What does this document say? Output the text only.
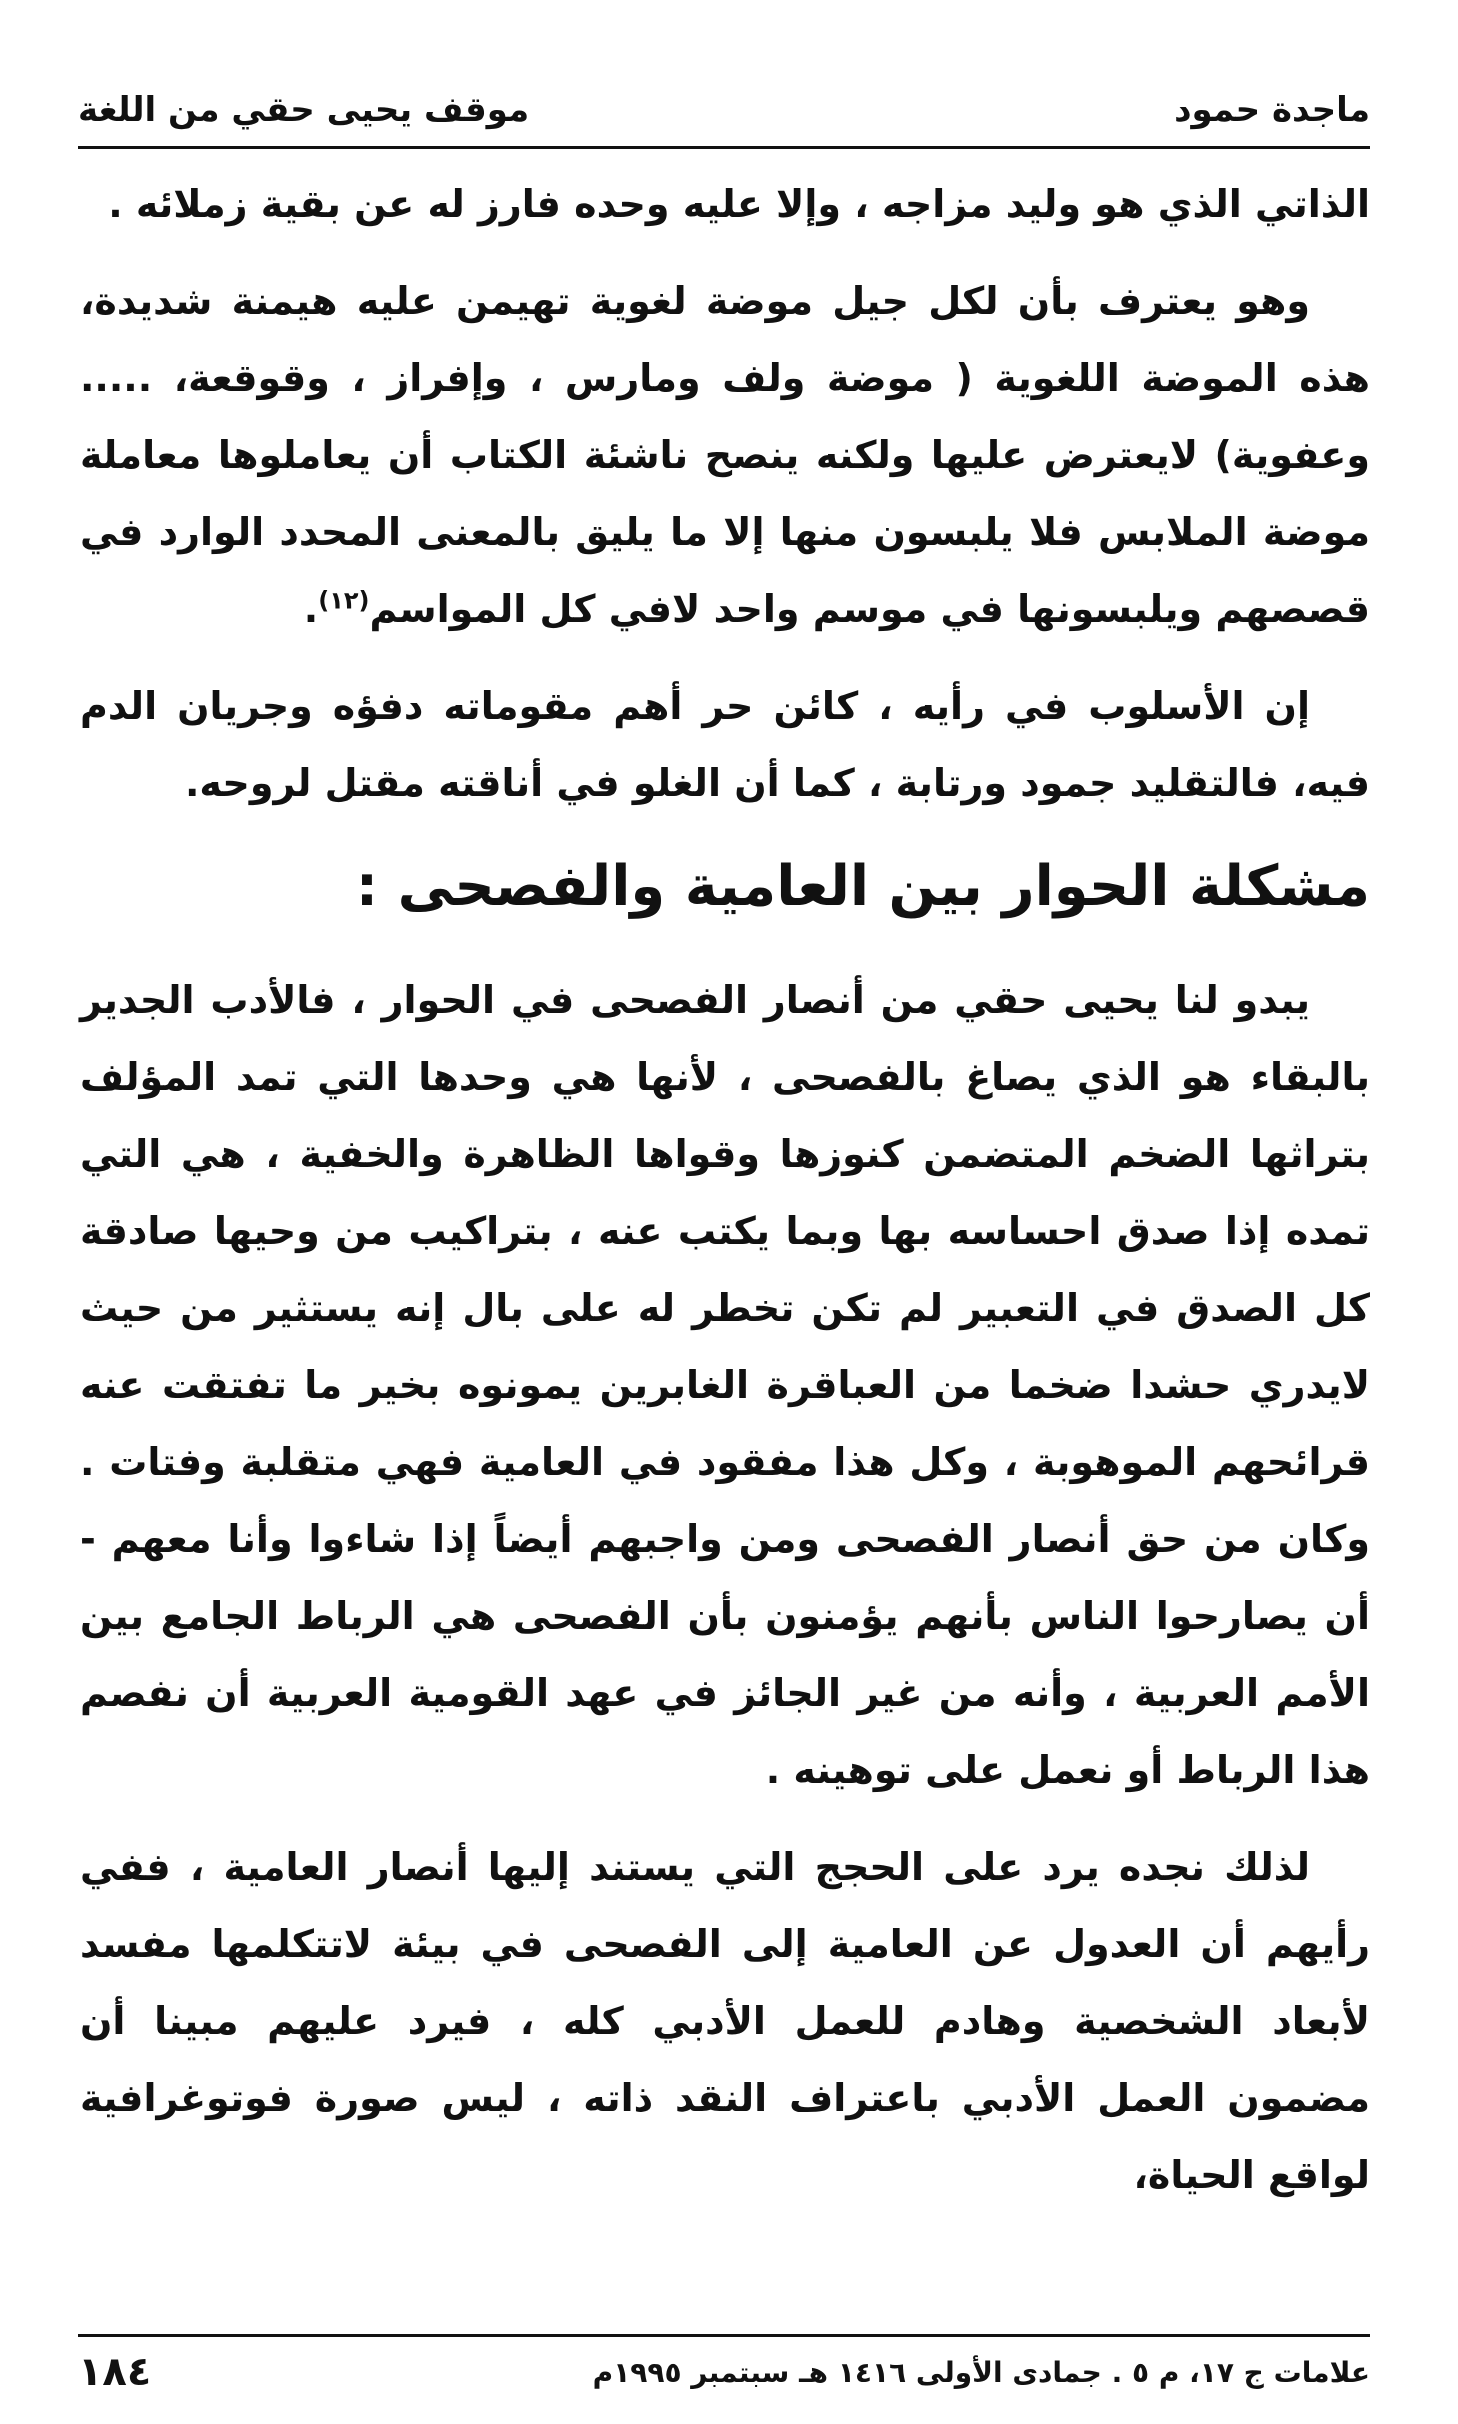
موقف يحيى حقي من اللغة	ماجدة حمود

الذاتي الذي هو وليد مزاجه ، وإلا عليه وحده فارز له عن بقية زملائه .

وهو يعترف بأن لكل جيل موضة لغوية تهيمن عليه هيمنة شديدة، هذه الموضة اللغوية ( موضة ولف ومارس ، وإفراز ، وقوقعة، ..... وعفوية) لايعترض عليها ولكنه ينصح ناشئة الكتاب أن يعاملوها معاملة موضة الملابس فلا يلبسون منها إلا ما يليق بالمعنى المحدد الوارد في قصصهم ويلبسونها في موسم واحد لافي كل المواسم$^{(١٢)}$.

إن الأسلوب في رأيه ، كائن حر أهم مقوماته دفؤه وجريان الدم فيه، فالتقليد جمود ورتابة ، كما أن الغلو في أناقته مقتل لروحه.

مشكلة الحوار بين العامية والفصحى :

يبدو لنا يحيى حقي من أنصار الفصحى في الحوار ، فالأدب الجدير بالبقاء هو الذي يصاغ بالفصحى ، لأنها هي وحدها التي تمد المؤلف بتراثها الضخم المتضمن كنوزها وقواها الظاهرة والخفية ، هي التي تمده إذا صدق احساسه بها وبما يكتب عنه ، بتراكيب من وحيها صادقة كل الصدق في التعبير لم تكن تخطر له على بال إنه يستثير من حيث لايدري حشدا ضخما من العباقرة الغابرين يمونوه بخير ما تفتقت عنه قرائحهم الموهوبة ، وكل هذا مفقود في العامية فهي متقلبة وفتات . وكان من حق أنصار الفصحى ومن واجبهم أيضاً إذا شاءوا وأنا معهم - أن يصارحوا الناس بأنهم يؤمنون بأن الفصحى هي الرباط الجامع بين الأمم العربية ، وأنه من غير الجائز في عهد القومية العربية أن نفصم هذا الرباط أو نعمل على توهينه .

لذلك نجده يرد على الحجج التي يستند إليها أنصار العامية ، ففي رأيهم أن العدول عن العامية إلى الفصحى في بيئة لاتتكلمها مفسد لأبعاد الشخصية وهادم للعمل الأدبي كله ، فيرد عليهم مبينا أن مضمون العمل الأدبي باعتراف النقد ذاته ، ليس صورة فوتوغرافية لواقع الحياة،

١٨٤	علامات ج ١٧، م ٥ . جمادى الأولى ١٤١٦ هـ سبتمبر ١٩٩٥م
